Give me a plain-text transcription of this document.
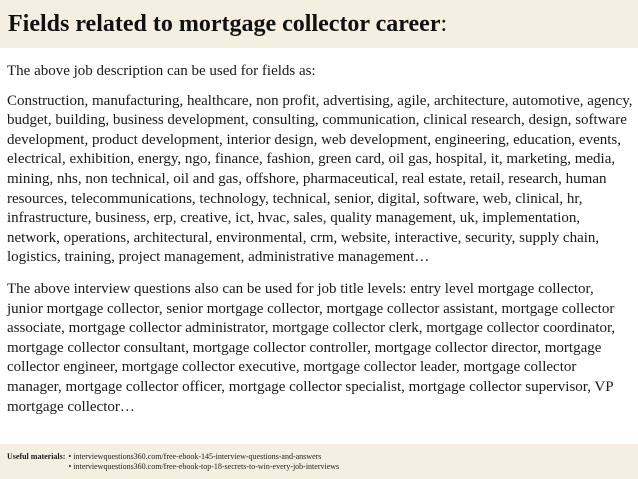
Fields related to mortgage collector career:

The above job description can be used for fields as:

Construction, manufacturing, healthcare, non profit, advertising, agile, architecture, automotive, agency, budget, building, business development, consulting, communication, clinical research, design, software development, product development, interior design, web development, engineering, education, events, electrical, exhibition, energy, ngo, finance, fashion, green card, oil gas, hospital, it, marketing, media, mining, nhs, non technical, oil and gas, offshore, pharmaceutical, real estate, retail, research, human resources, telecommunications, technology, technical, senior, digital, software, web, clinical, hr, infrastructure, business, erp, creative, ict, hvac, sales, quality management, uk, implementation, network, operations, architectural, environmental, crm, website, interactive, security, supply chain, logistics, training, project management, administrative management…

The above interview questions also can be used for job title levels: entry level mortgage collector, junior mortgage collector, senior mortgage collector, mortgage collector assistant, mortgage collector associate, mortgage collector administrator, mortgage collector clerk, mortgage collector coordinator, mortgage collector consultant, mortgage collector controller, mortgage collector director, mortgage collector engineer, mortgage collector executive, mortgage collector leader, mortgage collector manager, mortgage collector officer, mortgage collector specialist, mortgage collector supervisor, VP mortgage collector…

Useful materials: • interviewquestions360.com/free-ebook-145-interview-questions-and-answers
• interviewquestions360.com/free-ebook-top-18-secrets-to-win-every-job-interviews
